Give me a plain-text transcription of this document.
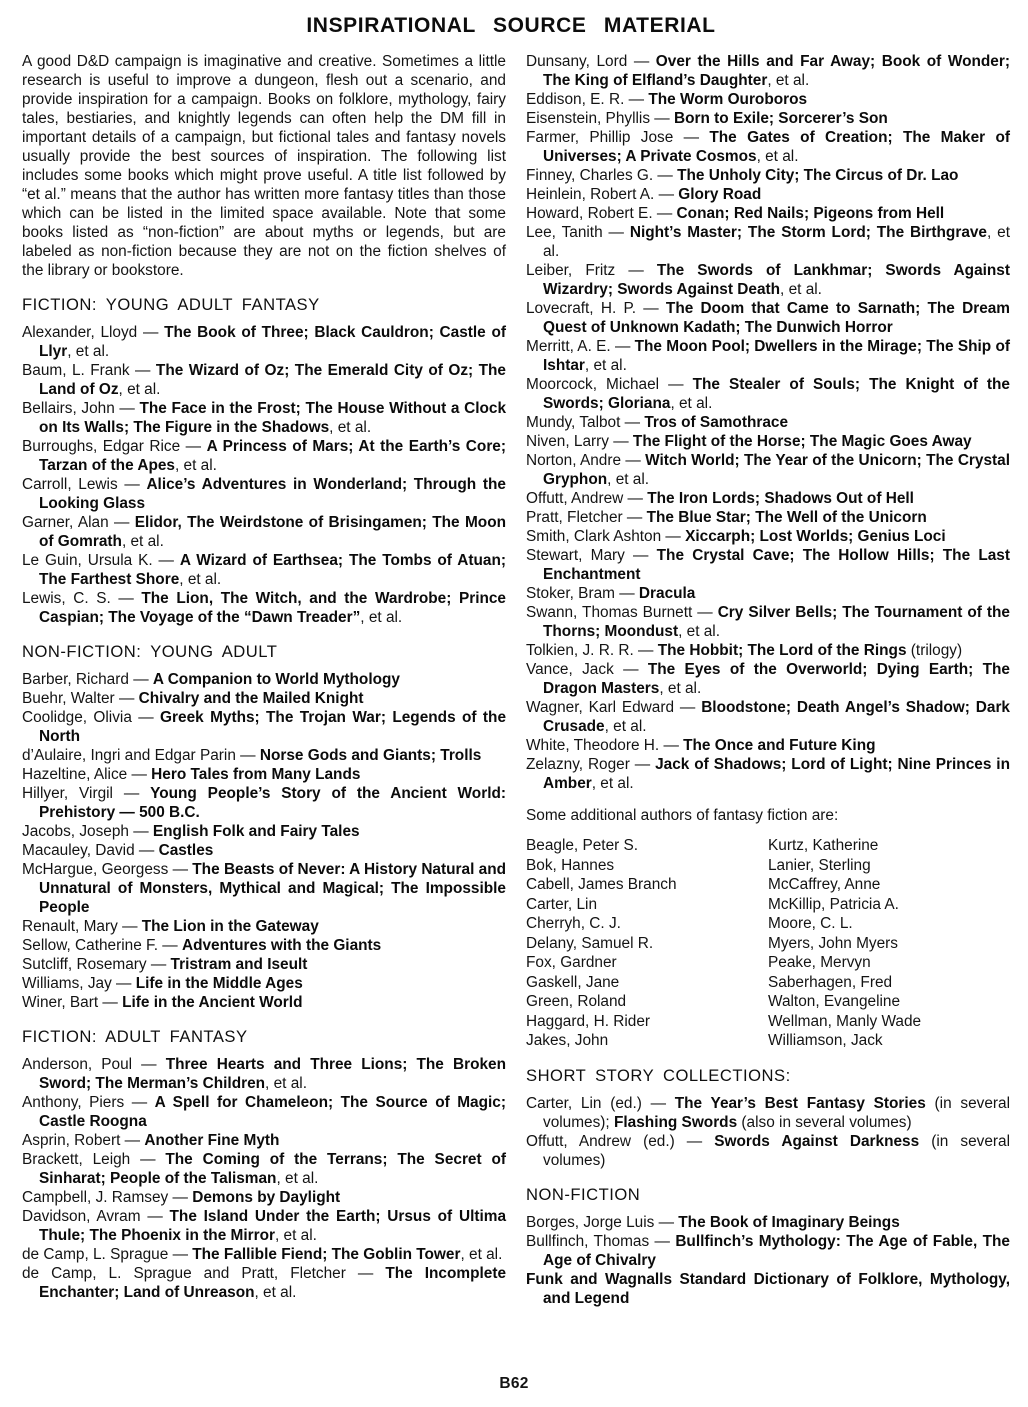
INSPIRATIONAL SOURCE MATERIAL

A good D&D campaign is imaginative and creative. Sometimes a little research is useful to improve a dungeon, flesh out a scenario, and provide inspiration for a campaign. Books on folklore, mythology, fairy tales, bestiaries, and knightly legends can often help the DM fill in important details of a campaign, but fictional tales and fantasy novels usually provide the best sources of inspiration. The following list includes some books which might prove useful. A title list followed by “et al.” means that the author has written more fantasy titles than those which can be listed in the limited space available. Note that some books listed as “non-fiction” are about myths or legends, but are labeled as non-fiction because they are not on the fiction shelves of the library or bookstore.

FICTION: YOUNG ADULT FANTASY

Alexander, Lloyd — The Book of Three; Black Cauldron; Castle of Llyr, et al.

Baum, L. Frank — The Wizard of Oz; The Emerald City of Oz; The Land of Oz, et al.

Bellairs, John — The Face in the Frost; The House Without a Clock on Its Walls; The Figure in the Shadows, et al.

Burroughs, Edgar Rice — A Princess of Mars; At the Earth’s Core; Tarzan of the Apes, et al.

Carroll, Lewis — Alice’s Adventures in Wonderland; Through the Looking Glass

Garner, Alan — Elidor, The Weirdstone of Brisingamen; The Moon of Gomrath, et al.

Le Guin, Ursula K. — A Wizard of Earthsea; The Tombs of Atuan; The Farthest Shore, et al.

Lewis, C. S. — The Lion, The Witch, and the Wardrobe; Prince Caspian; The Voyage of the “Dawn Treader”, et al.

NON-FICTION: YOUNG ADULT

Barber, Richard — A Companion to World Mythology

Buehr, Walter — Chivalry and the Mailed Knight

Coolidge, Olivia — Greek Myths; The Trojan War; Legends of the North

d’Aulaire, Ingri and Edgar Parin — Norse Gods and Giants; Trolls

Hazeltine, Alice — Hero Tales from Many Lands

Hillyer, Virgil — Young People’s Story of the Ancient World: Prehistory — 500 B.C.

Jacobs, Joseph — English Folk and Fairy Tales

Macauley, David — Castles

McHargue, Georgess — The Beasts of Never: A History Natural and Unnatural of Monsters, Mythical and Magical; The Impossible People

Renault, Mary — The Lion in the Gateway

Sellow, Catherine F. — Adventures with the Giants

Sutcliff, Rosemary — Tristram and Iseult

Williams, Jay — Life in the Middle Ages

Winer, Bart — Life in the Ancient World

FICTION: ADULT FANTASY

Anderson, Poul — Three Hearts and Three Lions; The Broken Sword; The Merman’s Children, et al.

Anthony, Piers — A Spell for Chameleon; The Source of Magic; Castle Roogna

Asprin, Robert — Another Fine Myth

Brackett, Leigh — The Coming of the Terrans; The Secret of Sinharat; People of the Talisman, et al.

Campbell, J. Ramsey — Demons by Daylight

Davidson, Avram — The Island Under the Earth; Ursus of Ultima Thule; The Phoenix in the Mirror, et al.

de Camp, L. Sprague — The Fallible Fiend; The Goblin Tower, et al.

de Camp, L. Sprague and Pratt, Fletcher — The Incomplete Enchanter; Land of Unreason, et al.

Dunsany, Lord — Over the Hills and Far Away; Book of Wonder; The King of Elfland’s Daughter, et al.

Eddison, E. R. — The Worm Ouroboros

Eisenstein, Phyllis — Born to Exile; Sorcerer’s Son

Farmer, Phillip Jose — The Gates of Creation; The Maker of Universes; A Private Cosmos, et al.

Finney, Charles G. — The Unholy City; The Circus of Dr. Lao

Heinlein, Robert A. — Glory Road

Howard, Robert E. — Conan; Red Nails; Pigeons from Hell

Lee, Tanith — Night’s Master; The Storm Lord; The Birthgrave, et al.

Leiber, Fritz — The Swords of Lankhmar; Swords Against Wizardry; Swords Against Death, et al.

Lovecraft, H. P. — The Doom that Came to Sarnath; The Dream Quest of Unknown Kadath; The Dunwich Horror

Merritt, A. E. — The Moon Pool; Dwellers in the Mirage; The Ship of Ishtar, et al.

Moorcock, Michael — The Stealer of Souls; The Knight of the Swords; Gloriana, et al.

Mundy, Talbot — Tros of Samothrace

Niven, Larry — The Flight of the Horse; The Magic Goes Away

Norton, Andre — Witch World; The Year of the Unicorn; The Crystal Gryphon, et al.

Offutt, Andrew — The Iron Lords; Shadows Out of Hell

Pratt, Fletcher — The Blue Star; The Well of the Unicorn

Smith, Clark Ashton — Xiccarph; Lost Worlds; Genius Loci

Stewart, Mary — The Crystal Cave; The Hollow Hills; The Last Enchantment

Stoker, Bram — Dracula

Swann, Thomas Burnett — Cry Silver Bells; The Tournament of the Thorns; Moondust, et al.

Tolkien, J. R. R. — The Hobbit; The Lord of the Rings (trilogy)

Vance, Jack — The Eyes of the Overworld; Dying Earth; The Dragon Masters, et al.

Wagner, Karl Edward — Bloodstone; Death Angel’s Shadow; Dark Crusade, et al.

White, Theodore H. — The Once and Future King

Zelazny, Roger — Jack of Shadows; Lord of Light; Nine Princes in Amber, et al.

Some additional authors of fantasy fiction are:

Beagle, Peter S.
Bok, Hannes
Cabell, James Branch
Carter, Lin
Cherryh, C. J.
Delany, Samuel R.
Fox, Gardner
Gaskell, Jane
Green, Roland
Haggard, H. Rider
Jakes, John
Kurtz, Katherine
Lanier, Sterling
McCaffrey, Anne
McKillip, Patricia A.
Moore, C. L.
Myers, John Myers
Peake, Mervyn
Saberhagen, Fred
Walton, Evangeline
Wellman, Manly Wade
Williamson, Jack
SHORT STORY COLLECTIONS:

Carter, Lin (ed.) — The Year’s Best Fantasy Stories (in several volumes); Flashing Swords (also in several volumes)

Offutt, Andrew (ed.) — Swords Against Darkness (in several volumes)

NON-FICTION

Borges, Jorge Luis — The Book of Imaginary Beings

Bullfinch, Thomas — Bullfinch’s Mythology: The Age of Fable, The Age of Chivalry

Funk and Wagnalls Standard Dictionary of Folklore, Mythology, and Legend

B62
